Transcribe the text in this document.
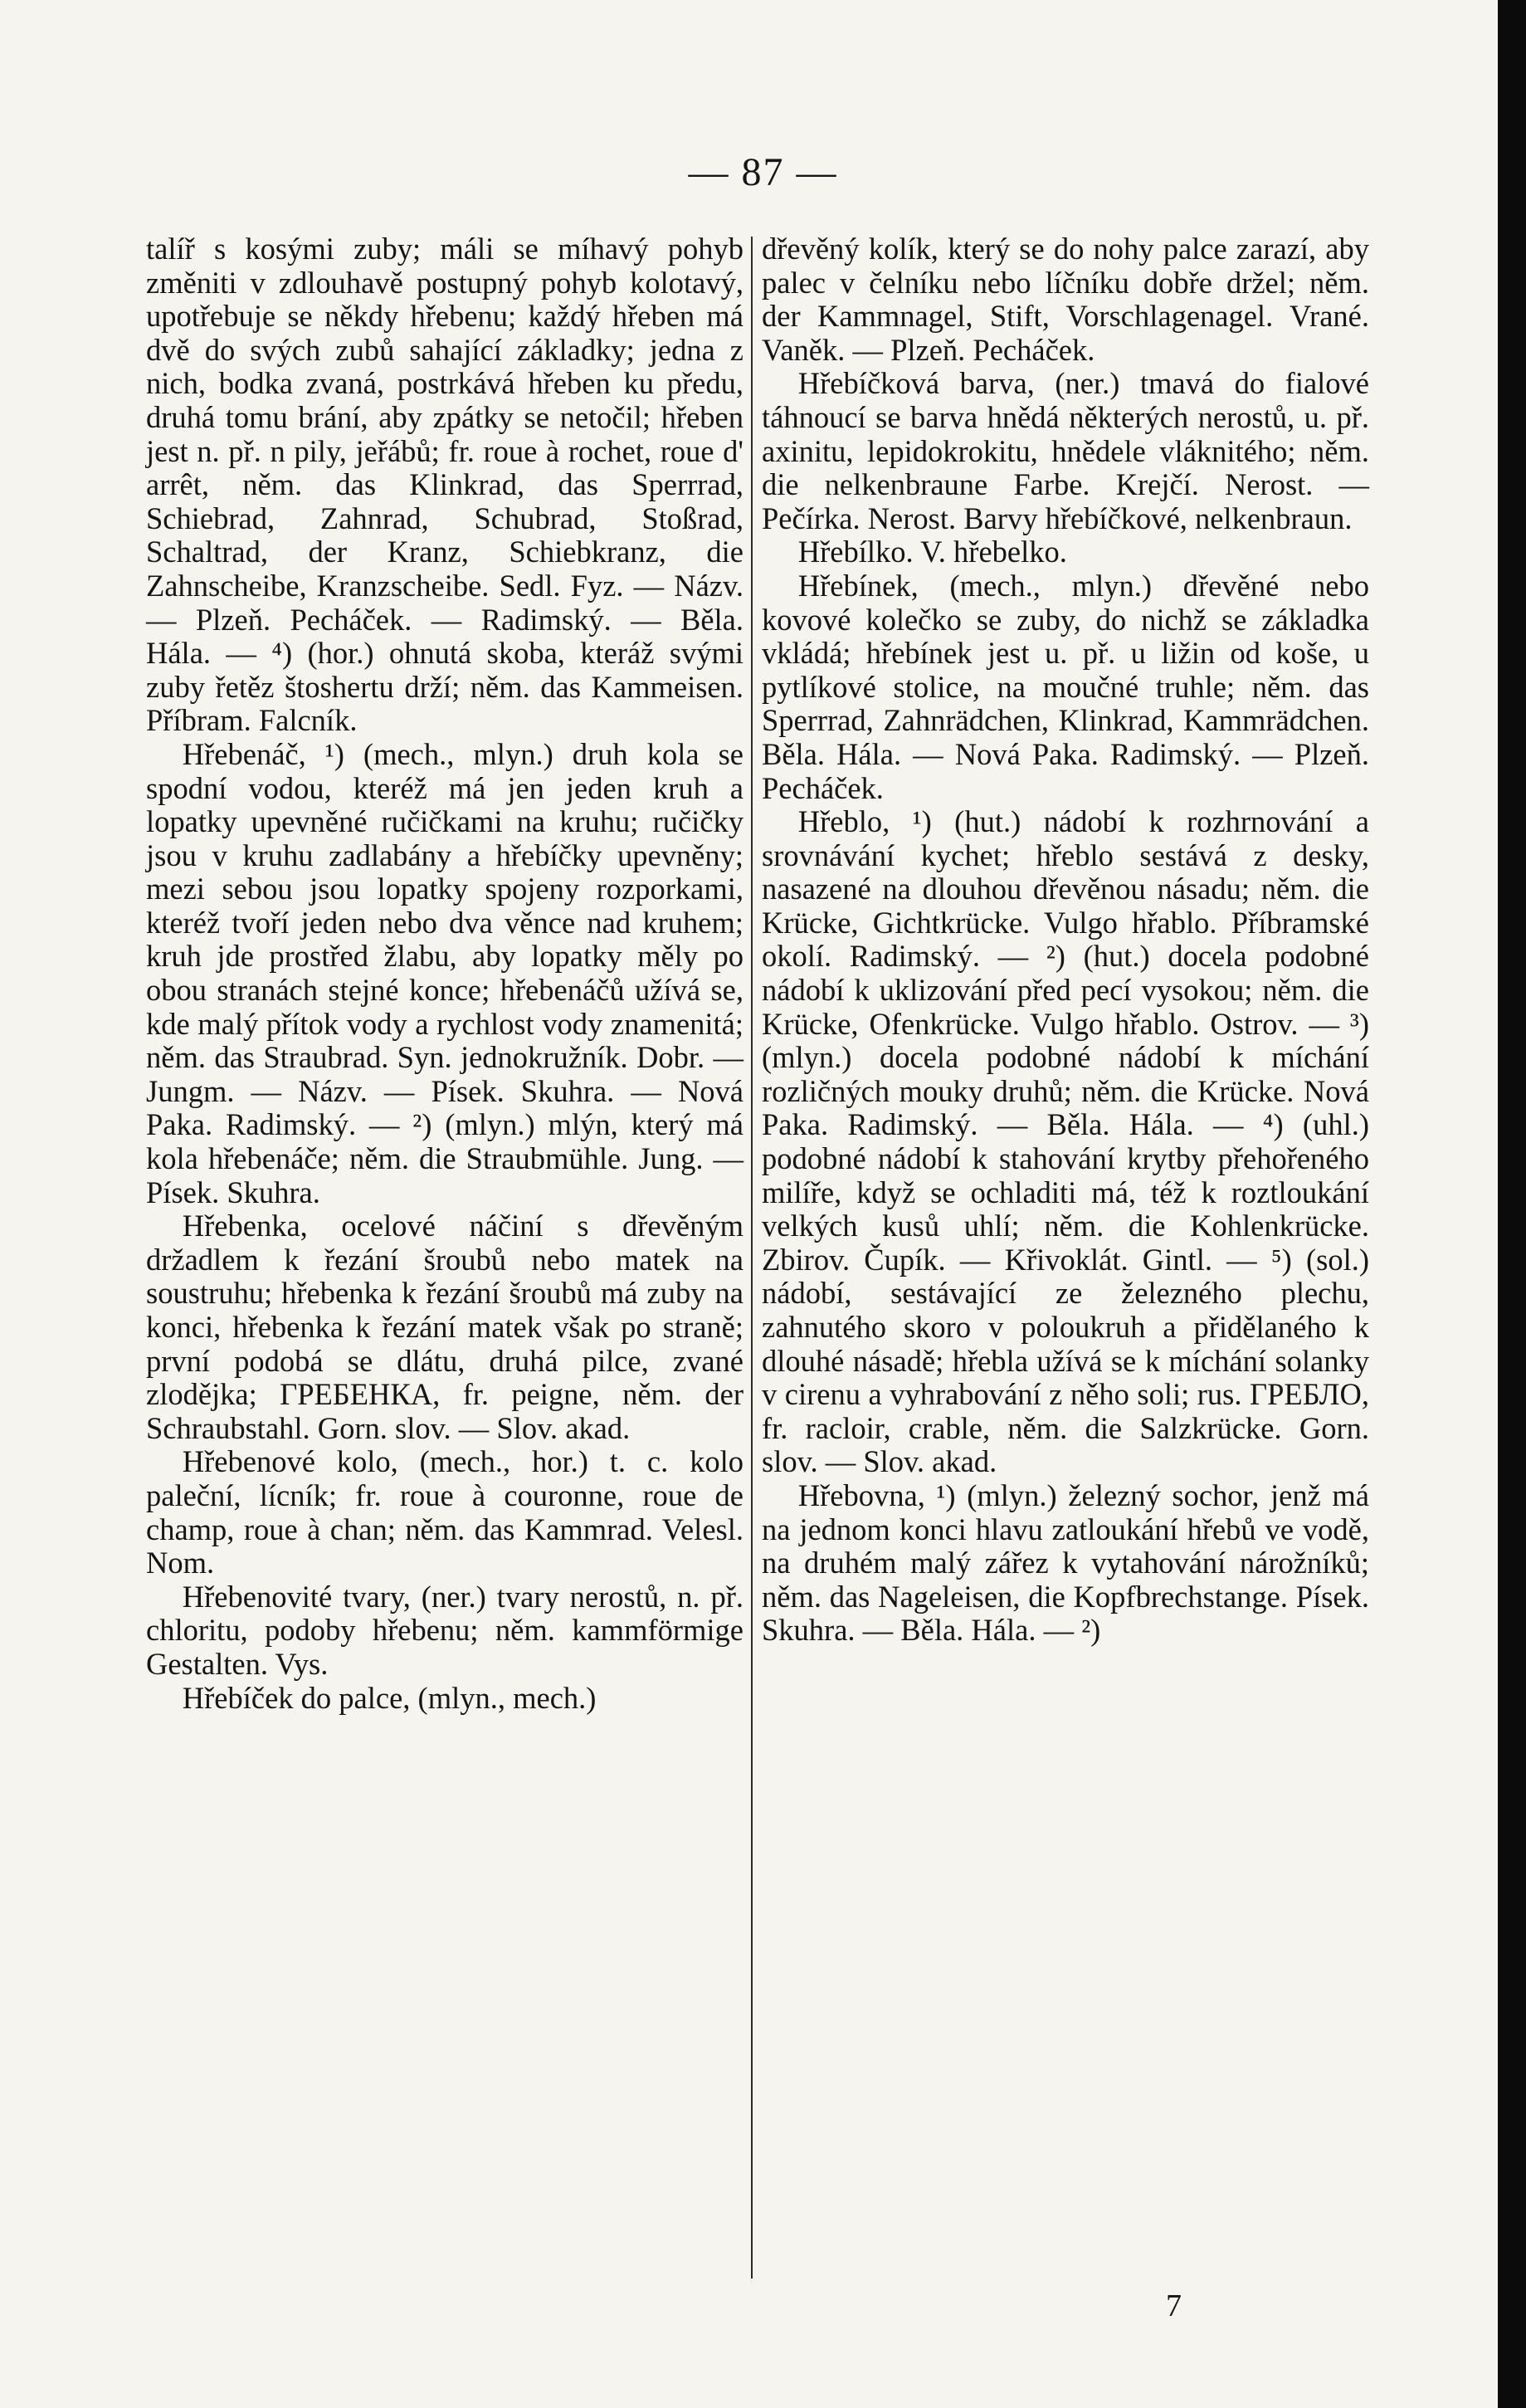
— 87 —

talíř s kosými zuby; máli se míhavý pohyb změniti v zdlouhavě postupný pohyb kolotavý, upotřebuje se někdy hřebenu; každý hřeben má dvě do svých zubů sahající základky; jedna z nich, bodka zvaná, postrkává hřeben ku předu, druhá tomu brání, aby zpátky se netočil; hřeben jest n. př. n pily, jeřábů; fr. roue à rochet, roue d' arrêt, něm. das Klinkrad, das Sperrrad, Schiebrad, Zahnrad, Schubrad, Stoßrad, Schaltrad, der Kranz, Schiebkranz, die Zahnscheibe, Kranzscheibe. Sedl. Fyz. — Názv. — Plzeň. Pecháček. — Radimský. — Běla. Hála. — ⁴) (hor.) ohnutá skoba, kteráž svými zuby řetěz štoshertu drží; něm. das Kammeisen. Příbram. Falcník.

Hřebenáč, ¹) (mech., mlyn.) druh kola se spodní vodou, kteréž má jen jeden kruh a lopatky upevněné ručičkami na kruhu; ručičky jsou v kruhu zadlabány a hřebíčky upevněny; mezi sebou jsou lopatky spojeny rozporkami, kteréž tvoří jeden nebo dva věnce nad kruhem; kruh jde prostřed žlabu, aby lopatky měly po obou stranách stejné konce; hřebenáčů užívá se, kde malý přítok vody a rychlost vody znamenitá; něm. das Straubrad. Syn. jednokružník. Dobr. — Jungm. — Názv. — Písek. Skuhra. — Nová Paka. Radimský. — ²) (mlyn.) mlýn, který má kola hřebenáče; něm. die Straubmühle. Jung. — Písek. Skuhra.

Hřebenka, ocelové náčiní s dřevěným držadlem k řezání šroubů nebo matek na soustruhu; hřebenka k řezání šroubů má zuby na konci, hřebenka k řezání matek však po straně; první podobá se dlátu, druhá pilce, zvané zlodějka; ГРЕБЕНКА, fr. peigne, něm. der Schraubstahl. Gorn. slov. — Slov. akad.

Hřebenové kolo, (mech., hor.) t. c. kolo paleční, lícník; fr. roue à couronne, roue de champ, roue à chan; něm. das Kammrad. Velesl. Nom.

Hřebenovité tvary, (ner.) tvary nerostů, n. př. chloritu, podoby hřebenu; něm. kammförmige Gestalten. Vys.

Hřebíček do palce, (mlyn., mech.)

dřevěný kolík, který se do nohy palce zarazí, aby palec v čelníku nebo líčníku dobře držel; něm. der Kammnagel, Stift, Vorschlagenagel. Vrané. Vaněk. — Plzeň. Pecháček.

Hřebíčková barva, (ner.) tmavá do fialové táhnoucí se barva hnědá některých nerostů, u. př. axinitu, lepidokrokitu, hnědele vláknitého; něm. die nelkenbraune Farbe. Krejčí. Nerost. — Pečírka. Nerost. Barvy hřebíčkové, nelkenbraun.

Hřebílko. V. hřebelko.

Hřebínek, (mech., mlyn.) dřevěné nebo kovové kolečko se zuby, do nichž se základka vkládá; hřebínek jest u. př. u ližin od koše, u pytlíkové stolice, na moučné truhle; něm. das Sperrrad, Zahnrädchen, Klinkrad, Kammrädchen. Běla. Hála. — Nová Paka. Radimský. — Plzeň. Pecháček.

Hřeblo, ¹) (hut.) nádobí k rozhrnování a srovnávání kychet; hřeblo sestává z desky, nasazené na dlouhou dřevěnou násadu; něm. die Krücke, Gichtkrücke. Vulgo hřablo. Příbramské okolí. Radimský. — ²) (hut.) docela podobné nádobí k uklizování před pecí vysokou; něm. die Krücke, Ofenkrücke. Vulgo hřablo. Ostrov. — ³) (mlyn.) docela podobné nádobí k míchání rozličných mouky druhů; něm. die Krücke. Nová Paka. Radimský. — Běla. Hála. — ⁴) (uhl.) podobné nádobí k stahování krytby přehořeného milíře, když se ochladiti má, též k roztloukání velkých kusů uhlí; něm. die Kohlenkrücke. Zbirov. Čupík. — Křivoklát. Gintl. — ⁵) (sol.) nádobí, sestávající ze železného plechu, zahnutého skoro v poloukruh a přidělaného k dlouhé násadě; hřebla užívá se k míchání solanky v cirenu a vyhrabování z něho soli; rus. ГРЕБЛО, fr. racloir, crable, něm. die Salzkrücke. Gorn. slov. — Slov. akad.

Hřebovna, ¹) (mlyn.) železný sochor, jenž má na jednom konci hlavu zatloukání hřebů ve vodě, na druhém malý zářez k vytahování nárožníků; něm. das Nageleisen, die Kopfbrechstange. Písek. Skuhra. — Běla. Hála. — ²)

7
